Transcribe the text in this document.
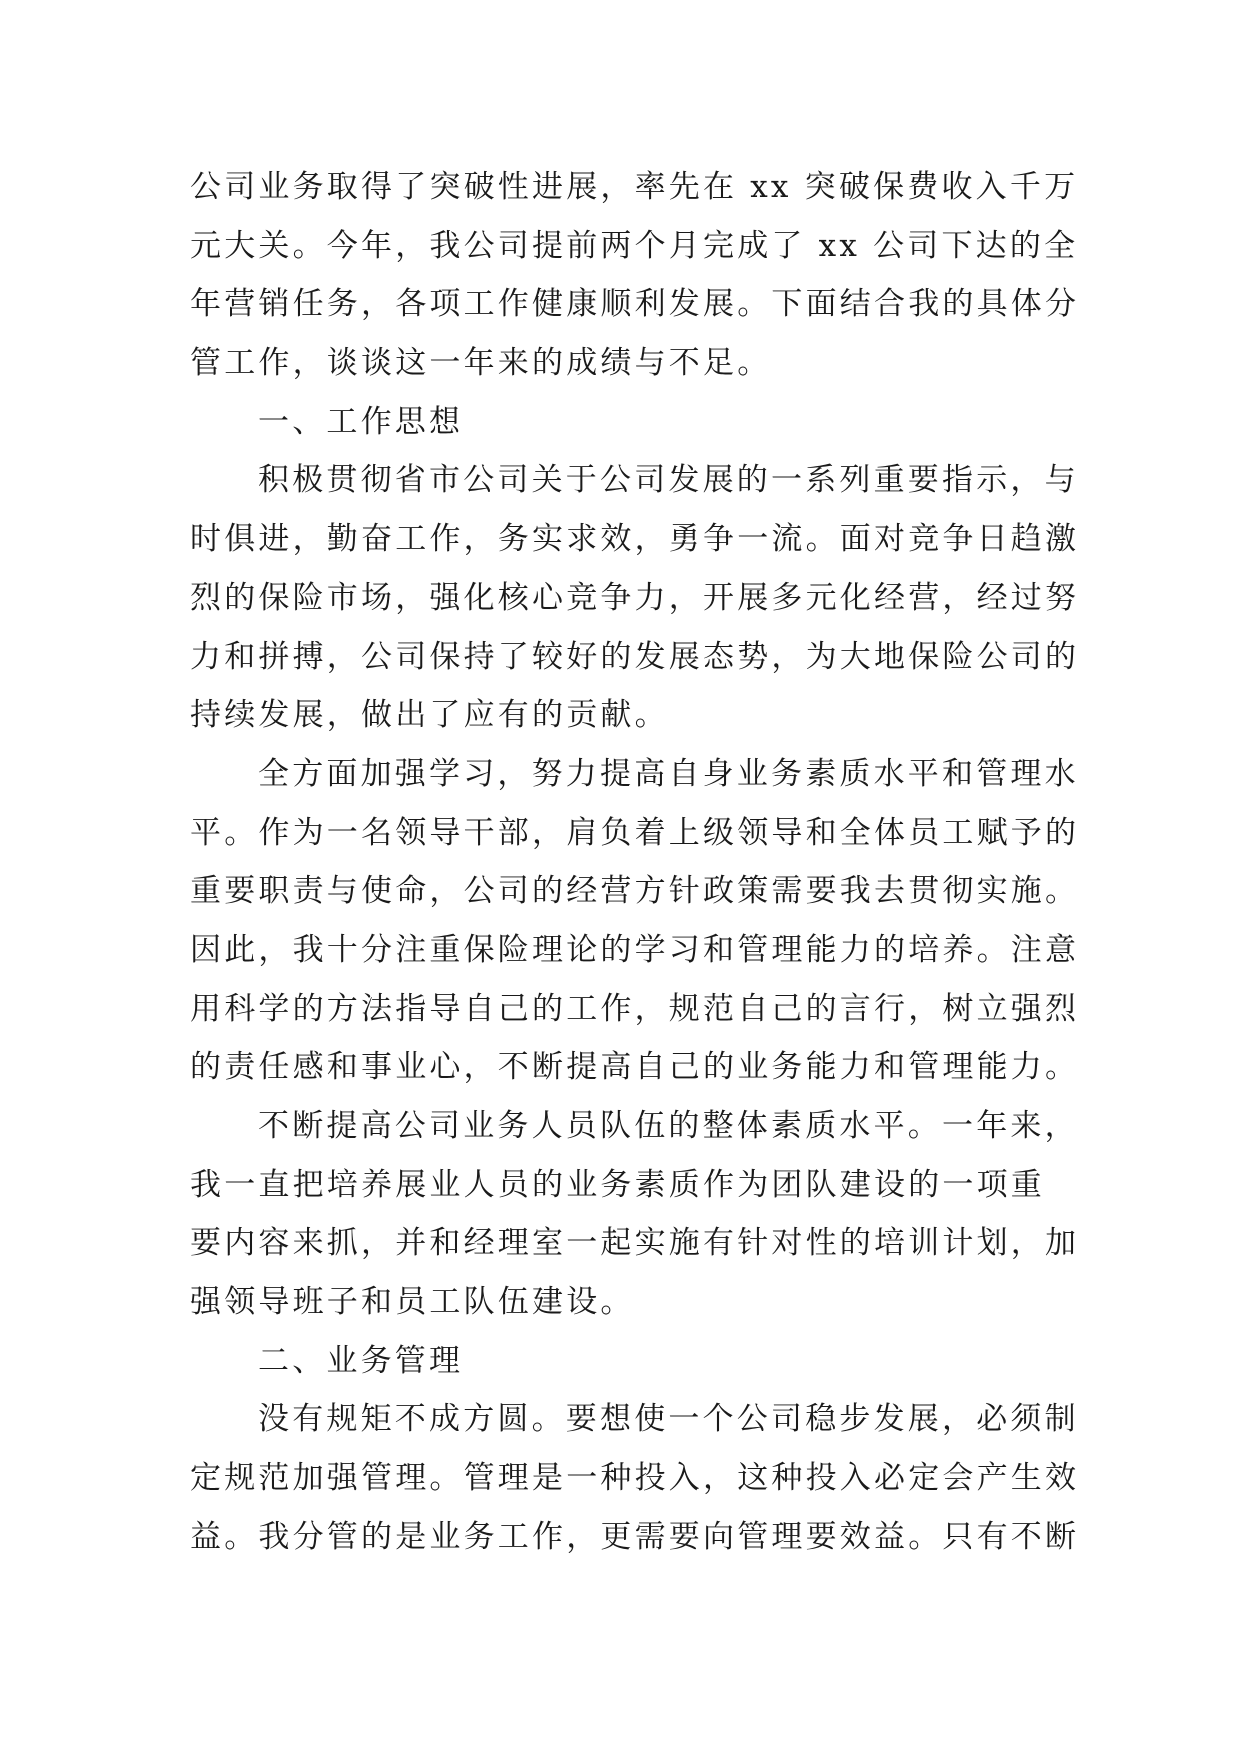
公司业务取得了突破性进展，率先在 xx 突破保费收入千万
元大关。今年，我公司提前两个月完成了 xx 公司下达的全
年营销任务，各项工作健康顺利发展。下面结合我的具体分
管工作，谈谈这一年来的成绩与不足。
一、工作思想
积极贯彻省市公司关于公司发展的一系列重要指示，与
时俱进，勤奋工作，务实求效，勇争一流。面对竞争日趋激
烈的保险市场，强化核心竞争力，开展多元化经营，经过努
力和拼搏，公司保持了较好的发展态势，为大地保险公司的
持续发展，做出了应有的贡献。
全方面加强学习，努力提高自身业务素质水平和管理水
平。作为一名领导干部，肩负着上级领导和全体员工赋予的
重要职责与使命，公司的经营方针政策需要我去贯彻实施。
因此，我十分注重保险理论的学习和管理能力的培养。注意
用科学的方法指导自己的工作，规范自己的言行，树立强烈
的责任感和事业心，不断提高自己的业务能力和管理能力。
不断提高公司业务人员队伍的整体素质水平。一年来，
我一直把培养展业人员的业务素质作为团队建设的一项重
要内容来抓，并和经理室一起实施有针对性的培训计划，加
强领导班子和员工队伍建设。
二、业务管理
没有规矩不成方圆。要想使一个公司稳步发展，必须制
定规范加强管理。管理是一种投入，这种投入必定会产生效
益。我分管的是业务工作，更需要向管理要效益。只有不断
